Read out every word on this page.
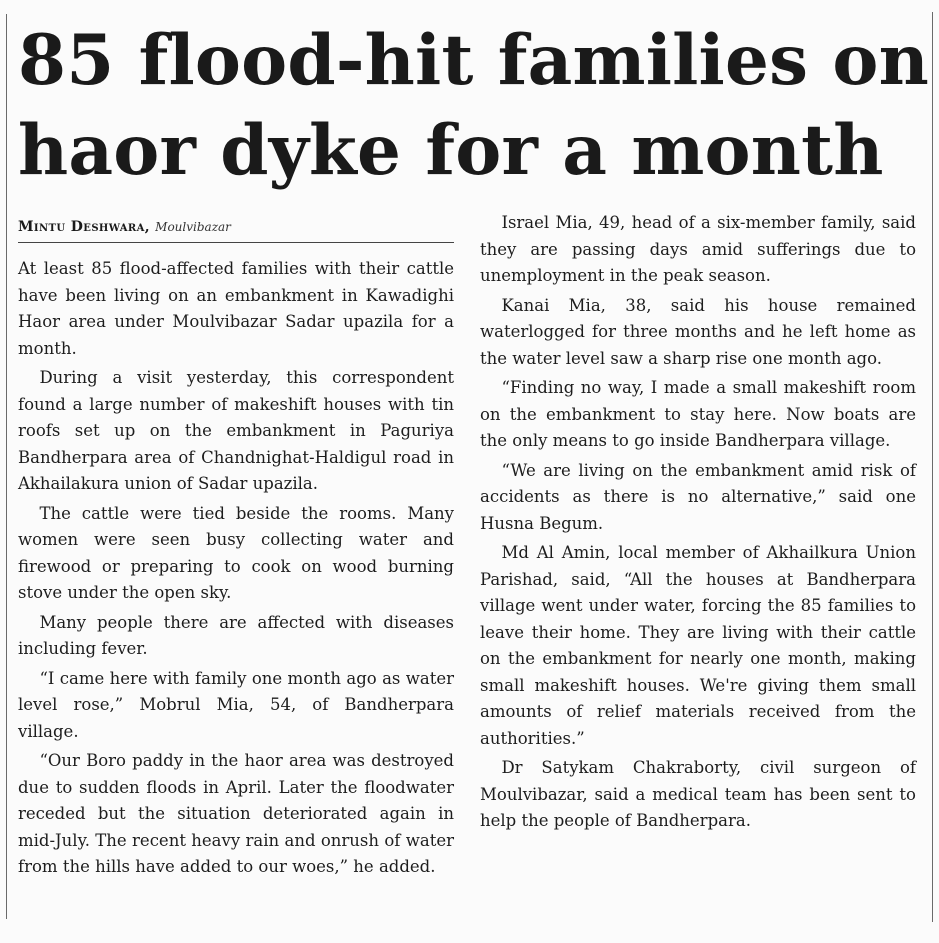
85 flood-hit families on
haor dyke for a month
Mintu Deshwara, Moulvibazar

At least 85 flood-affected families with their cattle have been living on an embankment in Kawadighi Haor area under Moulvibazar Sadar upazila for a month.

During a visit yesterday, this correspondent found a large number of makeshift houses with tin roofs set up on the embankment in Paguriya Bandherpara area of Chandnighat-Haldigul road in Akhailakura union of Sadar upazila.

The cattle were tied beside the rooms. Many women were seen busy collecting water and firewood or preparing to cook on wood burning stove under the open sky.

Many people there are affected with diseases including fever.

“I came here with family one month ago as water level rose,” Mobrul Mia, 54, of Bandherpara village.

“Our Boro paddy in the haor area was destroyed due to sudden floods in April. Later the floodwater receded but the situation deteriorated again in mid-July. The recent heavy rain and onrush of water from the hills have added to our woes,” he added.

Israel Mia, 49, head of a six-member family, said they are passing days amid sufferings due to unemployment in the peak season.

Kanai Mia, 38, said his house remained waterlogged for three months and he left home as the water level saw a sharp rise one month ago.

“Finding no way, I made a small makeshift room on the embankment to stay here. Now boats are the only means to go inside Bandherpara village.

“We are living on the embankment amid risk of accidents as there is no alternative,” said one Husna Begum.

Md Al Amin, local member of Akhailkura Union Parishad, said, “All the houses at Bandherpara village went under water, forcing the 85 families to leave their home. They are living with their cattle on the embankment for nearly one month, making small makeshift houses. We're giving them small amounts of relief materials received from the authorities.”

Dr Satykam Chakraborty, civil surgeon of Moulvibazar, said a medical team has been sent to help the people of Bandherpara.
